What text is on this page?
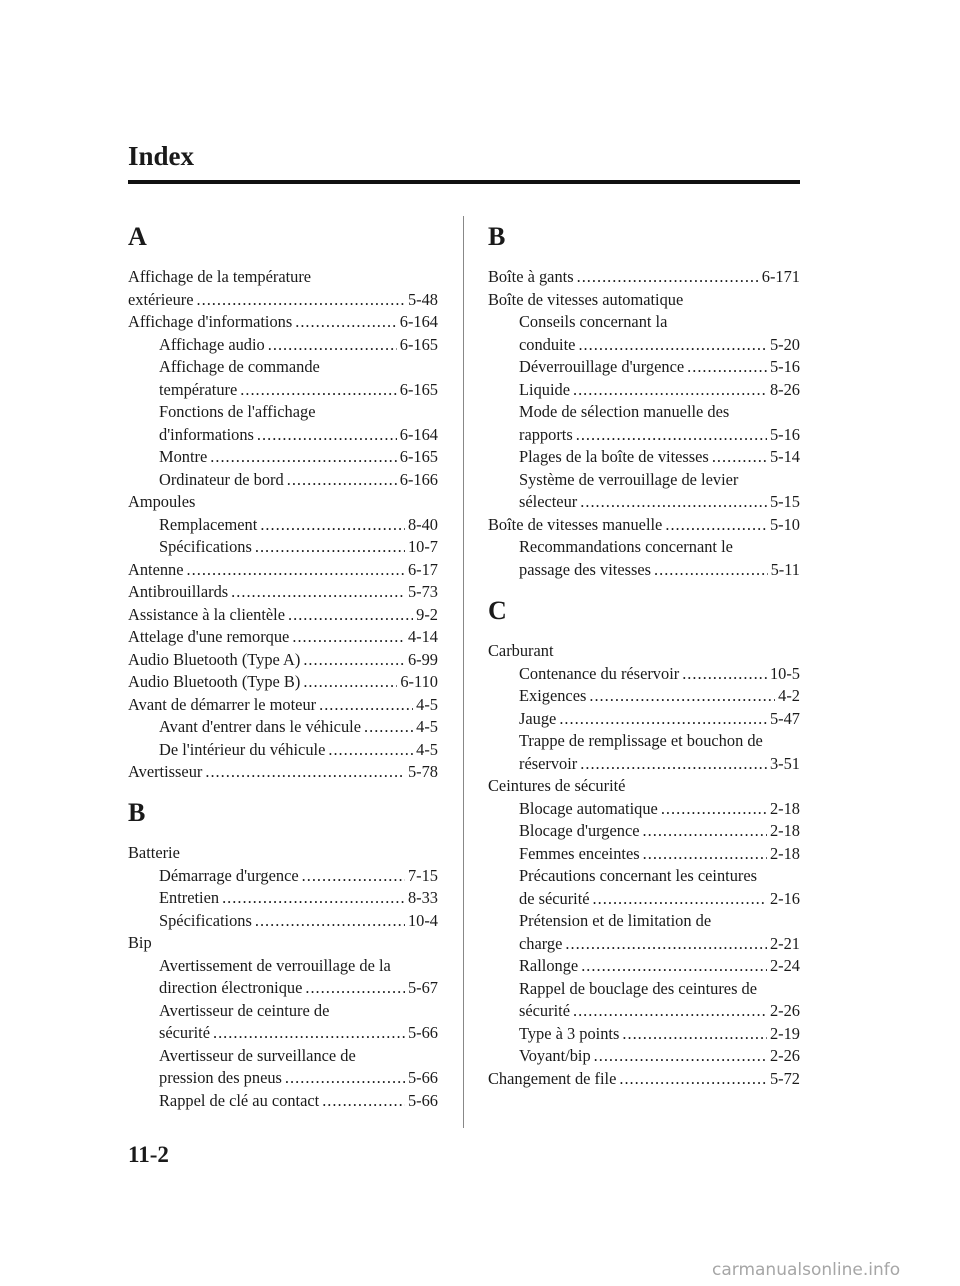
Index
A
Affichage de la température
extérieure .....	5-48
Affichage d'informations .....	6-164
Affichage audio .....	6-165
Affichage de commande
température .....	6-165
Fonctions de l'affichage
d'informations .....	6-164
Montre .....	6-165
Ordinateur de bord .....	6-166
Ampoules
Remplacement .....	8-40
Spécifications .....	10-7
Antenne .....	6-17
Antibrouillards .....	5-73
Assistance à la clientèle .....	9-2
Attelage d'une remorque .....	4-14
Audio Bluetooth (Type A) .....	6-99
Audio Bluetooth (Type B) .....	6-110
Avant de démarrer le moteur .....	4-5
Avant d'entrer dans le véhicule .....	4-5
De l'intérieur du véhicule .....	4-5
Avertisseur .....	5-78
B
Batterie
Démarrage d'urgence .....	7-15
Entretien .....	8-33
Spécifications .....	10-4
Bip
Avertissement de verrouillage de la
direction électronique .....	5-67
Avertisseur de ceinture de
sécurité .....	5-66
Avertisseur de surveillance de
pression des pneus .....	5-66
Rappel de clé au contact .....	5-66
B
Boîte à gants .....	6-171
Boîte de vitesses automatique
Conseils concernant la
conduite .....	5-20
Déverrouillage d'urgence .....	5-16
Liquide .....	8-26
Mode de sélection manuelle des
rapports .....	5-16
Plages de la boîte de vitesses .....	5-14
Système de verrouillage de levier
sélecteur .....	5-15
Boîte de vitesses manuelle .....	5-10
Recommandations concernant le
passage des vitesses .....	5-11
C
Carburant
Contenance du réservoir .....	10-5
Exigences .....	4-2
Jauge .....	5-47
Trappe de remplissage et bouchon de
réservoir .....	3-51
Ceintures de sécurité
Blocage automatique .....	2-18
Blocage d'urgence .....	2-18
Femmes enceintes .....	2-18
Précautions concernant les ceintures
de sécurité .....	2-16
Prétension et de limitation de
charge .....	2-21
Rallonge .....	2-24
Rappel de bouclage des ceintures de
sécurité .....	2-26
Type à 3 points .....	2-19
Voyant/bip .....	2-26
Changement de file .....	5-72

11-2

carmanualsonline.info
